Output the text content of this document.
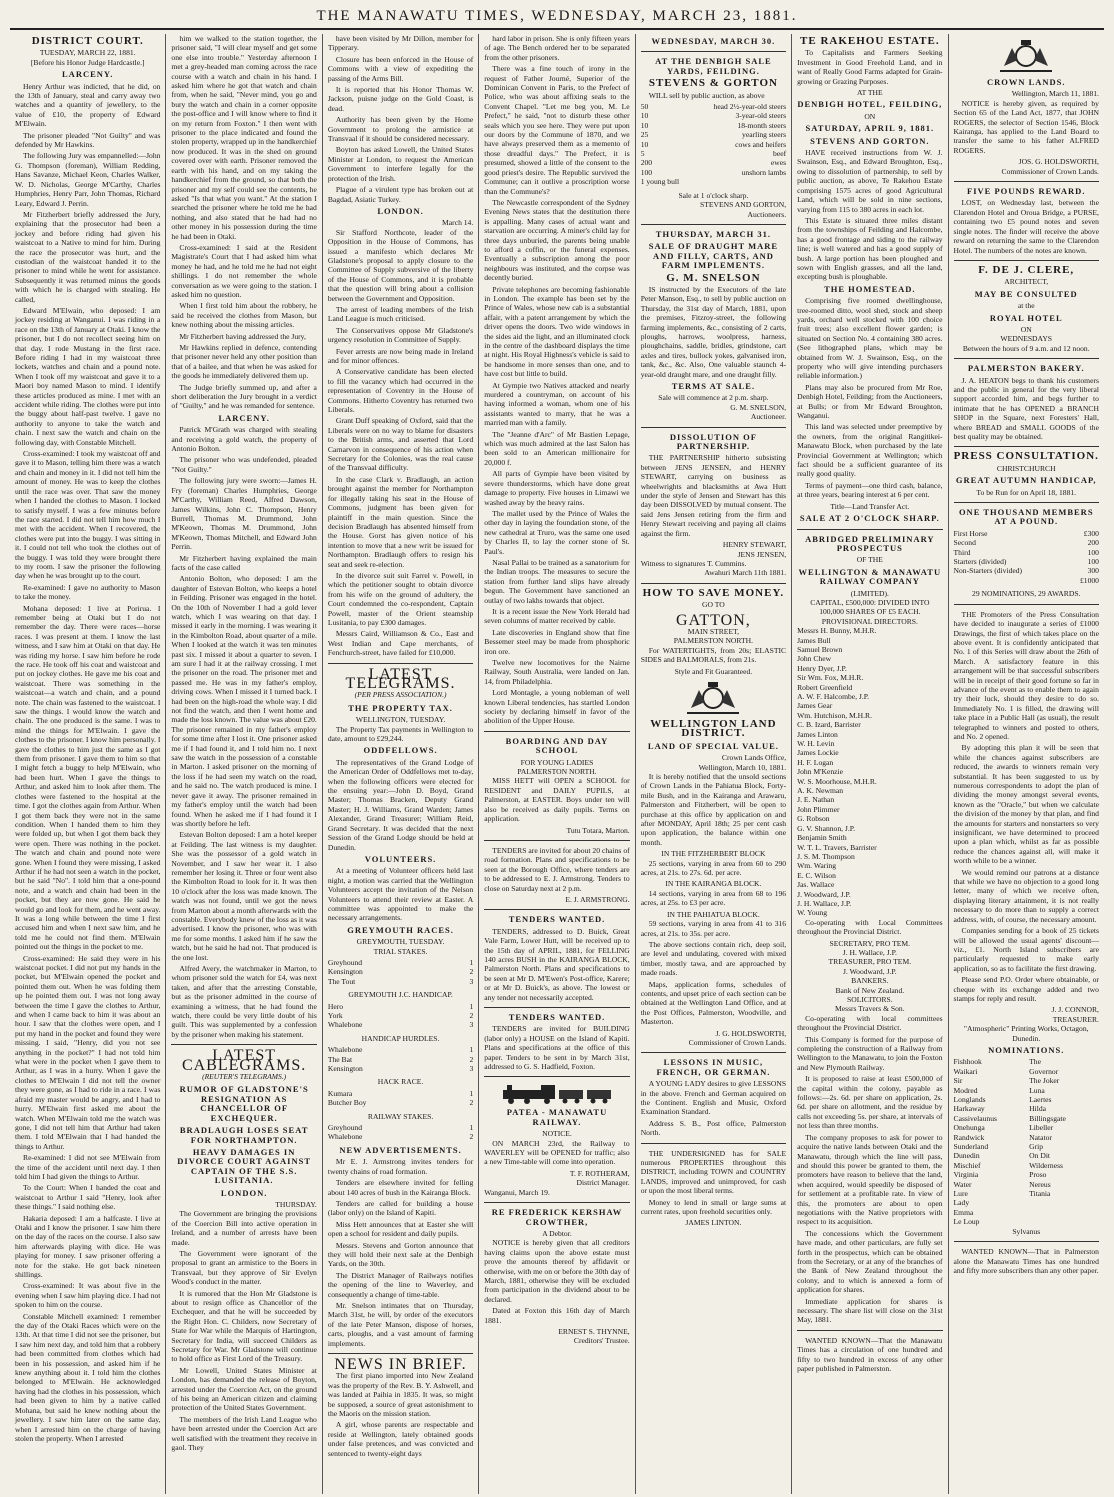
THE MANAWATU TIMES, WEDNESDAY, MARCH 23, 1881.
DISTRICT COURT.
TUESDAY, MARCH 22, 1881.
[Before his Honor Judge Hardcastle.]
LARCENY.

Henry Arthur was indicted, that he did, on the 13th of January, steal and carry away two watches and a quantity of jewellery, to the value of £10, the property of Edward M'Elwain.

The prisoner pleaded "Not Guilty" and was defended by Mr Hawkins.

The following Jury was empannelled:—John G. Thompson (foreman), William Redding, Hans Savanze, Michael Keon, Charles Walker, W. D. Nicholas, George M'Carthy, Charles Humphries, Henry Parr, John Thomas, Richard Leary, Edward J. Perrin.

Mr Fitzherbert briefly addressed the Jury, explaining that the prosecutor had been a jockey and before riding had given his waistcoat to a Native to mind for him. During the race the prosecutor was hurt, and the custodian of the waistcoat handed it to the prisoner to mind while he went for assistance. Subsequently it was returned minus the goods with which he is charged with stealing. He called,

Edward M'Elwain, who deposed: I am jockey residing at Wanganui. I was riding in a race on the 13th of January at Otaki. I know the prisoner, but I do not recollect seeing him on that day. I rode Mustang in the first race. Before riding I had in my waistcoat three lockets, watches and chain and a pound note. When I took off my waistcoat and gave it to a Maori boy named Mason to mind. I identify these articles produced as mine. I met with an accident while riding. The clothes were put into the buggy about half-past twelve. I gave no authority to anyone to take the watch and chain. I next saw the watch and chain on the following day, with Constable Mitchell.

Cross-examined: I took my waistcoat off and gave it to Mason, telling him there was a watch and chain and money in it. I did not tell him the amount of money. He was to keep the clothes until the race was over. That saw the money when I handed the clothes to Mason. I locked to satisfy myself. I was a few minutes before the race started. I did not tell him how much I met with the accident. When I recovered, the clothes were put into the buggy. I was sitting in it. I could not tell who took the clothes out of the buggy. I was told they were brought there to my room. I saw the prisoner the following day when he was brought up to the court.

Re-examined: I gave no authority to Mason to take the money.

Mohana deposed: I live at Porirua. I remember being at Otaki but I do not remember the day. There were races—horse races. I was present at them. I know the last witness, and I saw him at Otaki on that day. He was riding my horse. I saw him before he rode the race. He took off his coat and waistcoat and put on jockey clothes. He gave me his coat and waistcoat. There was something in the waistcoat—a watch and chain, and a pound note. The chain was fastened to the waistcoat. I saw the things. I would know the watch and chain. The one produced is the same. I was to mind the things for M'Elwain. I gave the clothes to the prisoner. I know him personally. I gave the clothes to him just the same as I got them from prisoner. I gave them to him so that I might fetch a buggy to help M'Elwain, who had been hurt. When I gave the things to Arthur, and asked him to look after them. The clothes were fastened to the hospital at the time. I got the clothes again from Arthur. When I got them back they were not in the same condition. When I handed them to him they were folded up, but when I got them back they were open. There was nothing in the pocket. The watch and chain and pound note were gone. When I found they were missing, I asked Arthur if he had not seen a watch in the pocket, but he said "No". I told him that a one-pound note, and a watch and chain had been in the pocket, but they are now gone. He said he would go and look for them, and he went away. It was a long while between the time I first accused him and when I next saw him, and he told me he could not find them. M'Elwain pointed out the things in the pocket to me.

Cross-examined: He said they were in his waistcoat pocket. I did not put my hands in the pocket, but M'Elwain opened the pocket and pointed them out. When he was folding them up he pointed them out. I was not long away between the time I gave the clothes to Arthur, and when I came back to him it was about an hour. I saw that the clothes were open, and I put my hand in the pocket and found they were missing. I said, "Henry, did you not see anything in the pocket?" I had not told him what were in the pocket when I gave them to Arthur, as I was in a hurry. When I gave the clothes to M'Elwain I did not tell the owner they were gone, as I had to ride in a race. I was afraid my master would be angry, and I had to hurry. M'Elwain first asked me about the watch. When M'Elwain told me the watch was gone, I did not tell him that Arthur had taken them. I told M'Elwain that I had handed the things to Arthur.

Re-examined: I did not see M'Elwain from the time of the accident until next day. I then told him I had given the things to Arthur.

To the Court: When I handed the coat and waistcoat to Arthur I said "Henry, look after these things." I said nothing else.

Hakaria deposed: I am a halfcaste. I live at Otaki and I know the prisoner. I saw him there on the day of the races on the course. I also saw him afterwards playing with dice. He was playing for money. I saw prisoner offering a note for the stake. He got back nineteen shillings.

Cross-examined: It was about five in the evening when I saw him playing dice. I had not spoken to him on the course.

Constable Mitchell examined: I remember the day of the Otaki Races which were on the 13th. At that time I did not see the prisoner, but I saw him next day, and told him that a robbery had been committed from clothes which had been in his possession, and asked him if he knew anything about it. I told him the clothes belonged to M'Elwain. He acknowledged having had the clothes in his possession, which had been given to him by a native called Mohana, but said he knew nothing about the jewellery. I saw him later on the same day, when I arrested him on the charge of having stolen the property. When I arrested

him we walked to the station together, the prisoner said, "I will clear myself and get some one else into trouble." Yesterday afternoon I met a grey-headed man coming across the race course with a watch and chain in his hand. I asked him where he got that watch and chain from, when he said, "Never mind, you go and bury the watch and chain in a corner opposite the post-office and I will know where to find it on my return from Foxton." I then went with prisoner to the place indicated and found the stolen property, wrapped up in the handkerchief now produced. It was in the shed on ground covered over with earth. Prisoner removed the earth with his hand, and on my taking the handkerchief from the ground, so that both the prisoner and my self could see the contents, he asked "Is that what you want." At the station I searched the prisoner where he told me he had nothing, and also stated that he had had no other money in his possession during the time he had been in Otaki.

Cross-examined: I said at the Resident Magistrate's Court that I had asked him what money he had, and he told me he had not eight shillings. I do not remember the whole conversation as we were going to the station. I asked him no question.

When I first told him about the robbery, he said he received the clothes from Mason, but knew nothing about the missing articles.

Mr Fitzherbert having addressed the Jury,

Mr Hawkins replied in defence, contending that prisoner never held any other position than that of a bailee, and that when he was asked for the goods he immediately delivered them up.

The Judge briefly summed up, and after a short deliberation the Jury brought in a verdict of "Guilty," and he was remanded for sentence.

LARCENY.

Patrick M'Grath was charged with stealing and receiving a gold watch, the property of Antonio Bolton.

The prisoner who was undefended, pleaded "Not Guilty."

The following jury were sworn:—James H. Fry (foreman) Charles Humphries, George M'Carthy, William Reed, Alfred Dawson, James Wilkins, John C. Thompson, Henry Burrell, Thomas M. Drummond, John M'Keown, Thomas M. Drummond, John M'Keown, Thomas Mitchell, and Edward John Perrin.

Mr Fitzherbert having explained the main facts of the case called

Antonio Bolton, who deposed: I am the daughter of Estevan Bolton, who keeps a hotel in Feilding. Prisoner was engaged in the hotel. On the 10th of November I had a gold lever watch, which I was wearing on that day. I missed it early in the morning. I was wearing it in the Kimbolton Road, about quarter of a mile. When I looked at the watch it was ten minutes past six. I missed it about a quarter to seven. I am sure I had it at the railway crossing. I met the prisoner on the road. The prisoner met and passed me. He was in my father's employ, driving cows. When I missed it I turned back. I had been on the high-road the whole way. I did not find the watch, and then I went home and made the loss known. The value was about £20. The prisoner remained in my father's employ for some time after I lost it. One prisoner asked me if I had found it, and I told him no. I next saw the watch in the possession of a constable in Marton. I asked prisoner on the morning of the loss if he had seen my watch on the road, and he said no. The watch produced is mine. I never gave it away. The prisoner remained in my father's employ until the watch had been found. When he asked me if I had found it I was shortly before he left.

Estevan Bolton deposed: I am a hotel keeper at Feilding. The last witness is my daughter. She was the possessor of a gold watch in November, and I saw her wear it. I also remember her losing it. Three or four went also the Kimbolton Road to look for it. It was then 10 o'clock after the loss was made known. The watch was not found, until we got the news from Marton about a month afterwards with the constable. Everybody knew of the loss as it was advertised. I know the prisoner, who was with me for some months. I asked him if he saw the watch, but he said he had not. That produced is the one lost.

Alfred Avery, the watchmaker in Marton, to whom prisoner sold the watch for £4, was next taken, and after that the arresting Constable, but as the prisoner admitted in the course of examining a witness, that he had found the watch, there could be very little doubt of his guilt. This was supplemented by a confession by the prisoner when making his statement.

LATEST CABLEGRAMS.
(REUTER'S TELEGRAMS.)
RUMOR OF GLADSTONE'S RESIGNATION AS CHANCELLOR OF EXCHEQUER.
BRADLAUGH LOSES SEAT FOR NORTHAMPTON.
HEAVY DAMAGES IN DIVORCE COURT AGAINST CAPTAIN OF THE S.S. LUSITANIA.
LONDON.
THURSDAY.

The Government are bringing the provisions of the Coercion Bill into active operation in Ireland, and a number of arrests have been made.

The Government were ignorant of the proposal to grant an armistice to the Boers in Transvaal, but they approve of Sir Evelyn Wood's conduct in the matter.

It is rumored that the Hon Mr Gladstone is about to resign office as Chancellor of the Exchequer, and that he will be succeeded by the Right Hon. C. Childers, now Secretary of State for War while the Marquis of Hartington, Secretary for India, will succeed Childers as Secretary for War. Mr Gladstone will continue to hold office as First Lord of the Treasury.

Mr Lowell, United States Minister at London, has demanded the release of Boyton, arrested under the Coercion Act, on the ground of his being an American citizen and claiming protection of the United States Government.

The members of the Irish Land League who have been arrested under the Coercion Act are well satisfied with the treatment they receive in gaol. They

have been visited by Mr Dillon, member for Tipperary.

Closure has been enforced in the House of Commons with a view of expediting the passing of the Arms Bill.

It is reported that his Honor Thomas W. Jackson, puisne judge on the Gold Coast, is dead.

Authority has been given by the Home Government to prolong the armistice at Transvaal if it should be considered necessary.

Boyton has asked Lowell, the United States Minister at London, to request the American Government to interfere legally for the protection of the Irish.

Plague of a virulent type has broken out at Bagdad, Asiatic Turkey.

LONDON.
March 14.

Sir Stafford Northcote, leader of the Opposition in the House of Commons, has issued a manifesto which declares Mr Gladstone's proposal to apply closure to the Committee of Supply subversive of the liberty of the House of Commons, and it is probable that the question will bring about a collision between the Government and Opposition.

The arrest of leading members of the Irish Land League is much criticised.

The Conservatives oppose Mr Gladstone's urgency resolution in Committee of Supply.

Fever arrests are now being made in Ireland and for minor offences.

A Conservative candidate has been elected to fill the vacancy which had occurred in the representation of Coventry in the House of Commons. Hitherto Coventry has returned two Liberals.

Grant Duff speaking of Oxford, said that the Liberals were on no way to blame for disasters to the British arms, and asserted that Lord Carnarvon in consequence of his action when Secretary for the Colonies, was the real cause of the Transvaal difficulty.

In the case Clark v. Bradlaugh, an action brought against the member for Northampton for illegally taking his seat in the House of Commons, judgment has been given for plaintiff in the main question. Since the decision Bradlaugh has absented himself from the House. Gorst has given notice of his intention to move that a new writ be issued for Northampton. Bradlaugh offers to resign his seat and seek re-election.

In the divorce suit suit Farrel v. Powell, in which the petitioner sought to obtain divorce from his wife on the ground of adultery, the Court condemned the co-respondent, Captain Powell, master of the Orient steamship Lusitania, to pay £300 damages.

Messrs Caird, Williamson & Co., East and West Indian and Cape merchants, of Fenchurch-street, have failed for £10,000.

LATEST TELEGRAMS.
(PER PRESS ASSOCIATION.)
THE PROPERTY TAX.
WELLINGTON, TUESDAY.

The Property Tax payments in Wellington to date, amount to £29,244.

ODDFELLOWS.

The representatives of the Grand Lodge of the American Order of Oddfellows met to-day, when the following officers were elected for the ensuing year:—John D. Boyd, Grand Master; Thomas Bracken, Deputy Grand Master; H. J. Williams, Grand Warden; James Alexander, Grand Treasurer; William Reid, Grand Secretary. It was decided that the next Session of the Grand Lodge should be held at Dunedin.

VOLUNTEERS.

At a meeting of Volunteer officers held last night, a motion was carried that the Wellington Volunteers accept the invitation of the Nelson Volunteers to attend their review at Easter. A committee was appointed to make the necessary arrangements.

GREYMOUTH RACES.
GREYMOUTH, TUESDAY.
TRIAL STAKES.
Greyhound	1
Kensington	2
The Tout	3
GREYMOUTH J.C. HANDICAP.
Hero	1
York	2
Whalebone	3
HANDICAP HURDLES.
Whalebone	1
The Bat	2
Kensington	3
HACK RACE.
Kumara	1
Butcher Boy	2
RAILWAY STAKES.
Greyhound	1
Whalebone	2
NEW ADVERTISEMENTS.

Mr E. J. Armstrong invites tenders for twenty chains of road formation.

Tenders are elsewhere invited for felling about 140 acres of bush in the Kairanga Block.

Tenders are called for building a house (labor only) on the Island of Kapiti.

Miss Hett announces that at Easter she will open a school for resident and daily pupils.

Messrs. Stevens and Gorton announce that they will hold their next sale at the Denbigh Yards, on the 30th.

The District Manager of Railways notifies the opening of the line to Waverley, and consequently a change of time-table.

Mr. Snelson intimates that on Thursday, March 31st, he will, by order of the executors of the late Peter Manson, dispose of horses, carts, ploughs, and a vast amount of farming implements.

NEWS IN BRIEF.

The first piano imported into New Zealand was the property of the Rev. B. Y. Ashwell, and was landed at Paihia in 1835. It was, so might be supposed, a source of great astonishment to the Maoris on the mission station.

A girl, whose parents are respectable and reside at Wellington, lately obtained goods under false pretences, and was convicted and sentenced to twenty-eight days

hard labor in prison. She is only fifteen years of age. The Bench ordered her to be separated from the other prisoners.

There was a fine touch of irony in the request of Father Journé, Superior of the Dominican Convent in Paris, to the Prefect of Police, who was about affixing seals to the Convent Chapel. "Let me beg you, M. Le Prefect," he said, "not to disturb these other seals which you see here. They were put upon our doors by the Commune of 1870, and we have always preserved them as a memento of those dreadful days." The Prefect, it is presumed, showed a little of the consent to the good priest's desire. The Republic survived the Commune; can it outlive a proscription worse than the Commune's?

The Newcastle correspondent of the Sydney Evening News states that the destitution there is appalling. Many cases of actual want and starvation are occurring. A miner's child lay for three days unburied, the parents being unable to afford a coffin, or the funeral expenses. Eventually a subscription among the poor neighbours was instituted, and the corpse was decently buried.

Private telephones are becoming fashionable in London. The example has been set by the Prince of Wales, whose new cab is a substantial affair, with a patent arrangement by which the driver opens the doors. Two wide windows in the sides aid the light, and an illuminated clock in the centre of the dashboard displays the time at night. His Royal Highness's vehicle is said to be handsome in more senses than one, and to have cost but little to build.

At Gympie two Natives attacked and nearly murdered a countryman, on account of his having informed a woman, whom one of his assistants wanted to marry, that he was a married man with a family.

The "Jeanne d'Arc" of Mr Bastien Lepage, which was much admired at the last Salon has been sold to an American millionaire for 20,000 f.

All parts of Gympie have been visited by severe thunderstorms, which have done great damage to property. Five houses in Limawi we washed away by the heavy rains.

The mallet used by the Prince of Wales the other day in laying the foundation stone, of the new cathedral at Truro, was the same one used by Charles II, to lay the corner stone of St. Paul's.

Nasal Pallai to be trained as a sanatorium for the Indian troops. The measures to secure the station from further land slips have already begun. The Government have sanctioned an outlay of two lakhs towards that object.

It is a recent issue the New York Herald had seven columns of matter received by cable.

Late discoveries in England show that fine Bessemer steel may be made from phosphoric iron ore.

Twelve new locomotives for the Nairne Railway, South Australia, were landed on Jan. 14, from Philadelphia.

Lord Montagle, a young nobleman of well known Liberal tendencies, has startled London society by declaring himself in favor of the abolition of the Upper House.

BOARDING AND DAY SCHOOL
FOR YOUNG LADIES
PALMERSTON NORTH.

MISS HETT will OPEN a SCHOOL for RESIDENT and DAILY PUPILS, at Palmerston, at EASTER. Boys under ten will also be received as daily pupils. Terms on application.

Tutu Totara, Marton.

TENDERS are invited for about 20 chains of road formation. Plans and specifications to be seen at the Borough Office, where tenders are to be addressed to E. J. Armstrong. Tenders to close on Saturday next at 2 p.m.

E. J. ARMSTRONG.
TENDERS WANTED.

TENDERS, addressed to D. Buick, Great Vale Farm, Lower Hutt, will be received up to the 15th day of APRIL, 1881, for FELLING 140 acres BUSH in the KAIRANGA BLOCK, Palmerston North. Plans and specifications to be seen at Mr D. M'Ewen's Post-office, Karere; or at Mr D. Buick's, as above. The lowest or any tender not necessarily accepted.

TENDERS WANTED.

TENDERS are invited for BUILDING (labor only) a HOUSE on the Island of Kapiti. Plans and specifications at the office of this paper. Tenders to be sent in by March 31st, addressed to G. S. Hadfield, Foxton.

PATEA - MANAWATU RAILWAY.
NOTICE.

ON MARCH 23rd, the Railway to WAVERLEY will be OPENED for traffic; also a new Time-table will come into operation.

T. F. ROTHERAM,
District Manager.
Wanganui, March 19.
RE FREDERICK KERSHAW CROWTHER,
A Debtor.

NOTICE is hereby given that all creditors having claims upon the above estate must prove the amounts thereof by affidavit or otherwise, with me on or before the 30th day of March, 1881, otherwise they will be excluded from participation in the dividend about to be declared.

Dated at Foxton this 16th day of March 1881.

ERNEST S. THYNNE,
Creditors' Trustee.
WEDNESDAY, MARCH 30.
AT THE DENBIGH SALE YARDS, FEILDING.
STEVENS & GORTON

WILL sell by public auction, as above

50
	head 2½-year-old steers
10
	3-year-old steers
10
	18-month steers
25
	yearling steers
10
	cows and heifers
5
	beef
200
	ewes
100
	unshorn lambs
1 young bull
Sale at 1 o'clock sharp.
STEVENS AND GORTON,
Auctioneers.
THURSDAY, MARCH 31.
SALE OF DRAUGHT MARE AND FILLY, CARTS, AND FARM IMPLEMENTS.
G. M. SNELSON

IS instructed by the Executors of the late Peter Manson, Esq., to sell by public auction on Thursday, the 31st day of March, 1881, upon the premises, Fitzroy-street, the following farming implements, &c., consisting of 2 carts, ploughs, harrows, woolpress, harness, ploughchains, saddle, bridles, grindstone, cart axles and tires, bullock yokes, galvanised iron, tank, &c., &c. Also, One valuable staunch 4-year-old draught mare, and one draught filly.

TERMS AT SALE.
Sale will commence at 2 p.m. sharp.
G. M. SNELSON,
Auctioneer.
DISSOLUTION OF PARTNERSHIP.

THE PARTNERSHIP hitherto subsisting between JENS JENSEN, and HENRY STEWART, carrying on business as wheelwrights and blacksmiths at Awa Hutt under the style of Jensen and Stewart has this day been DISSOLVED by mutual consent. The said Jens Jensen retiring from the firm and Henry Stewart receiving and paying all claims against the firm.

HENRY STEWART,
JENS JENSEN,
Witness to signatures T. Cummins.
Awahuri March 11th 1881.
HOW TO SAVE MONEY.
GO TO
GATTON,
MAIN STREET,
PALMERSTON NORTH.

For WATERTIGHTS, from 20s; ELASTIC SIDES and BALMORALS, from 21s.

Style and Fit Guaranteed.
WELLINGTON LAND DISTRICT.
LAND OF SPECIAL VALUE.
Crown Lands Office,
Wellington, March 10, 1881.

It is hereby notified that the unsold sections of Crown Lands in the Pahiatua Block, Forty-mile Bush, and in the Kairanga and Arawaru, Palmerston and Fitzherbert, will be open to purchase at this office by application on and after MONDAY, April 18th; 25 per cent cash upon application, the balance within one month.

IN THE FITZHERBERT BLOCK

25 sections, varying in area from 60 to 290 acres, at 21s. to 27s. 6d. per acre.

IN THE KAIRANGA BLOCK.

14 sections, varying in area from 68 to 196 acres, at 25s. to £3 per acre.

IN THE PAHIATUA BLOCK.

59 sections, varying in area from 41 to 316 acres, at 21s. to 35s. per acre.

The above sections contain rich, deep soil, are level and undulating, covered with mixed timber, mostly tawa, and are approached by made roads.

Maps, application forms, schedules of contents, and upset price of each section can be obtained at the Wellington Land Office, and at the Post Offices, Palmerston, Woodville, and Masterton.

J. G. HOLDSWORTH,
Commissioner of Crown Lands.
LESSONS IN MUSIC, FRENCH, OR GERMAN.

A YOUNG LADY desires to give LESSONS in the above. French and German acquired on the Continent. English and Music, Oxford Examination Standard.

Address S. B., Post office, Palmerston North.

THE UNDERSIGNED has for SALE numerous PROPERTIES throughout this DISTRICT, including TOWN and COUNTRY LANDS, improved and unimproved, for cash or upon the most liberal terms.

Money to lend in small or large sums at current rates, upon freehold securities only.

JAMES LINTON.
TE RAKEHOU ESTATE.

To Capitalists and Farmers Seeking Investment in Good Freehold Land, and in want of Really Good Farms adapted for Grain-growing or Grazing Purposes.

AT THE
DENBIGH HOTEL, FEILDING,
ON
SATURDAY, APRIL 9, 1881.
STEVENS AND GORTON.

HAVE received instructions from W. J. Swainson, Esq., and Edward Broughton, Esq., owing to dissolution of partnership, to sell by public auction, as above, Te Rakehou Estate comprising 1575 acres of good Agricultural Land, which will be sold in nine sections, varying from 115 to 380 acres in each lot.

This Estate is situated three miles distant from the townships of Feilding and Halcombe, has a good frontage and siding to the railway line; is well watered and has a good supply of bush. A large portion has been ploughed and sown with English grasses, and all the land, excepting bush is ploughable.

THE HOMESTEAD.

Comprising five roomed dwellinghouse, tree-roomed ditto, wool shed, stock and sheep yards, orchard well stocked with 100 choice fruit trees; also excellent flower garden; is situated on Section No. 4 containing 380 acres. (See lithographed plans, which may be obtained from W. J. Swainson, Esq., on the property who will give intending purchasers reliable information.)

Plans may also be procured from Mr Roe, Denbigh Hotel, Feilding; from the Auctioneers, at Bulls; or from Mr Edward Broughton, Wanganui.

This land was selected under preemptive by the owners, from the original Rangitikei-Manawatu Block, when purchased by the late Provincial Government at Wellington; which fact should be a sufficient guarantee of its really good quality.

Terms of payment—one third cash, balance, at three years, bearing interest at 6 per cent.

Title—Land Transfer Act.
SALE AT 2 O'CLOCK SHARP.
ABRIDGED PRELIMINARY PROSPECTUS
OF THE
WELLINGTON & MANAWATU RAILWAY COMPANY
(LIMITED).
CAPITAL, £500,000: DIVIDED INTO 100,000 SHARES OF £5 EACH.
PROVISIONAL DIRECTORS.
Messrs H. Bunny, M.H.R.
James Bull
Samuel Brown
John Chew
Henry Dyer, J.P.
Sir Wm. Fox, M.H.R.
Robert Greenfield
A. W. F. Halcombe, J.P.
James Gear
Wm. Hutchison, M.H.R.
C. B. Izard, Barrister
James Linton
W. H. Levin
James Lockie
H. F. Logan
John M'Kenzie
W. S. Moorhouse, M.H.R.
A. K. Newman
J. E. Nathan
John Plimmer
G. Robson
G. V. Shannon, J.P.
Benjamin Smith
W. T. L. Travers, Barrister
J. S. M. Thompson
Wm. Waring
E. C. Wilson
Jas. Wallace
J. Woodward, J.P.
J. H. Wallace, J.P.
W. Young

Co-operating with Local Committees throughout the Provincial District.

SECRETARY, PRO TEM.
J. H. Wallace, J.P.
TREASURER, PRO TEM.
J. Woodward, J.P.
BANKERS.
Bank of New Zealand.
SOLICITORS.
Messrs Travers & Son.

Co-operating with local committees throughout the Provincial District.

This Company is formed for the purpose of completing the construction of a Railway from Wellington to the Manawatu, to join the Foxton and New Plymouth Railway.

It is proposed to raise at least £500,000 of the capital within the colony, payable as follows:—2s. 6d. per share on application, 2s. 6d. per share on allotment, and the residue by calls not exceeding 5s. per share, at intervals of not less than three months.

The company proposes to ask for power to acquire the native lands between Otaki and the Manawatu, through which the line will pass, and should this power be granted to them, the promoters have reason to believe that the land, when acquired, would speedily be disposed of for settlement at a profitable rate. In view of this, the promoters are about to open negotiations with the Native proprietors with respect to its acquisition.

The concessions which the Government have made, and other particulars, are fully set forth in the prospectus, which can be obtained from the Secretary, or at any of the branches of the Bank of New Zealand throughout the colony, and to which is annexed a form of application for shares.

Immediate application for shares is necessary. The share list will close on the 31st May, 1881.

WANTED KNOWN—That the Manawatu Times has a circulation of one hundred and fifty to two hundred in excess of any other paper published in Palmerston.

CROWN LANDS.
Wellington, March 11, 1881.

NOTICE is hereby given, as required by Section 65 of the Land Act, 1877, that JOHN ROGERS, the selector of Section 1546, Block Kairanga, has applied to the Land Board to transfer the same to his father ALFRED ROGERS.

JOS. G. HOLDSWORTH,
Commissioner of Crown Lands.
FIVE POUNDS REWARD.

LOST, on Wednesday last, between the Clarendon Hotel and Oroua Bridge, a PURSE, containing two £5 pound notes and seven single notes. The finder will receive the above reward on returning the same to the Clarendon Hotel. The numbers of the notes are known.

F. DE J. CLERE,
ARCHITECT,
MAY BE CONSULTED
at the
ROYAL HOTEL
ON
WEDNESDAYS
Between the hours of 9 a.m. and 12 noon.
PALMERSTON BAKERY.

J. A. HEATON begs to thank his customers and the public in general for the very liberal support accorded him, and begs further to intimate that he has OPENED a BRANCH SHOP in the Square, next Foresters' Hall, where BREAD and SMALL GOODS of the best quality may be obtained.

PRESS CONSULTATION.
CHRISTCHURCH
GREAT AUTUMN HANDICAP,
To be Run for on April 18, 1881.
ONE THOUSAND MEMBERS AT A POUND.
First Horse	£300
Second	200
Third	100
Starters (divided)	100
Non-Starters (divided)	300
£1000
29 NOMINATIONS, 29 AWARDS.

THE Promoters of the Press Consultation have decided to inaugurate a series of £1000 Drawings, the first of which takes place on the above event. It is confidently anticipated that No. 1 of this Series will draw about the 26th of March. A satisfactory feature in this arrangement will be that successful subscribers will be in receipt of their good fortune so far in advance of the event as to enable them to again try their luck, should they desire to do so. Immediately No. 1 is filled, the drawing will take place in a Public Hall (as usual), the result telegraphed to winners and posted to others, and No. 2 opened.

By adopting this plan it will be seen that while the chances against subscribers are reduced, the awards to winners remain very substantial. It has been suggested to us by numerous correspondents to adopt the plan of dividing the money amongst several events, known as the "Oracle," but when we calculate the division of the money by that plan, and find the amounts for starters and nonstarters so very insignificant, we have determined to proceed upon a plan which, whilst as far as possible reduce the chances against all, will make it worth while to be a winner.

We would remind our patrons at a distance that while we have no objection to a good long letter, many of which we receive often, displaying literary attainment, it is not really necessary to do more than to supply a correct address, with, of course, the necessary amount.

Companies sending for a book of 25 tickets will be allowed the usual agents' discount—viz., £1. North Island subscribers are particularly requested to make early application, so as to facilitate the first drawing.

Please send P.O. Order where obtainable, or cheque with its exchange added and two stamps for reply and result.

J. J. CONNOR,
TREASURER.
"Atmospheric" Printing Works, Octagon, Dunedin.
NOMINATIONS.
Fishhook
Waikari
Sir Modred
Longlands
Harkaway
Cassivelaunus
Onehunga
Randwick
Sunderland
Dunedin
Mischief
Virginia Water
Lure
Lady Emma
Le Loup
The Governor
The Joker
Luna
Laertes
Hilda
Billingsgate
Libeller
Natator
Grip
On Dit
Wilderness
Proso
Nereus
Titania
Sylvanus

WANTED KNOWN—That in Palmerston alone the Manawatu Times has one hundred and fifty more subscribers than any other paper.
